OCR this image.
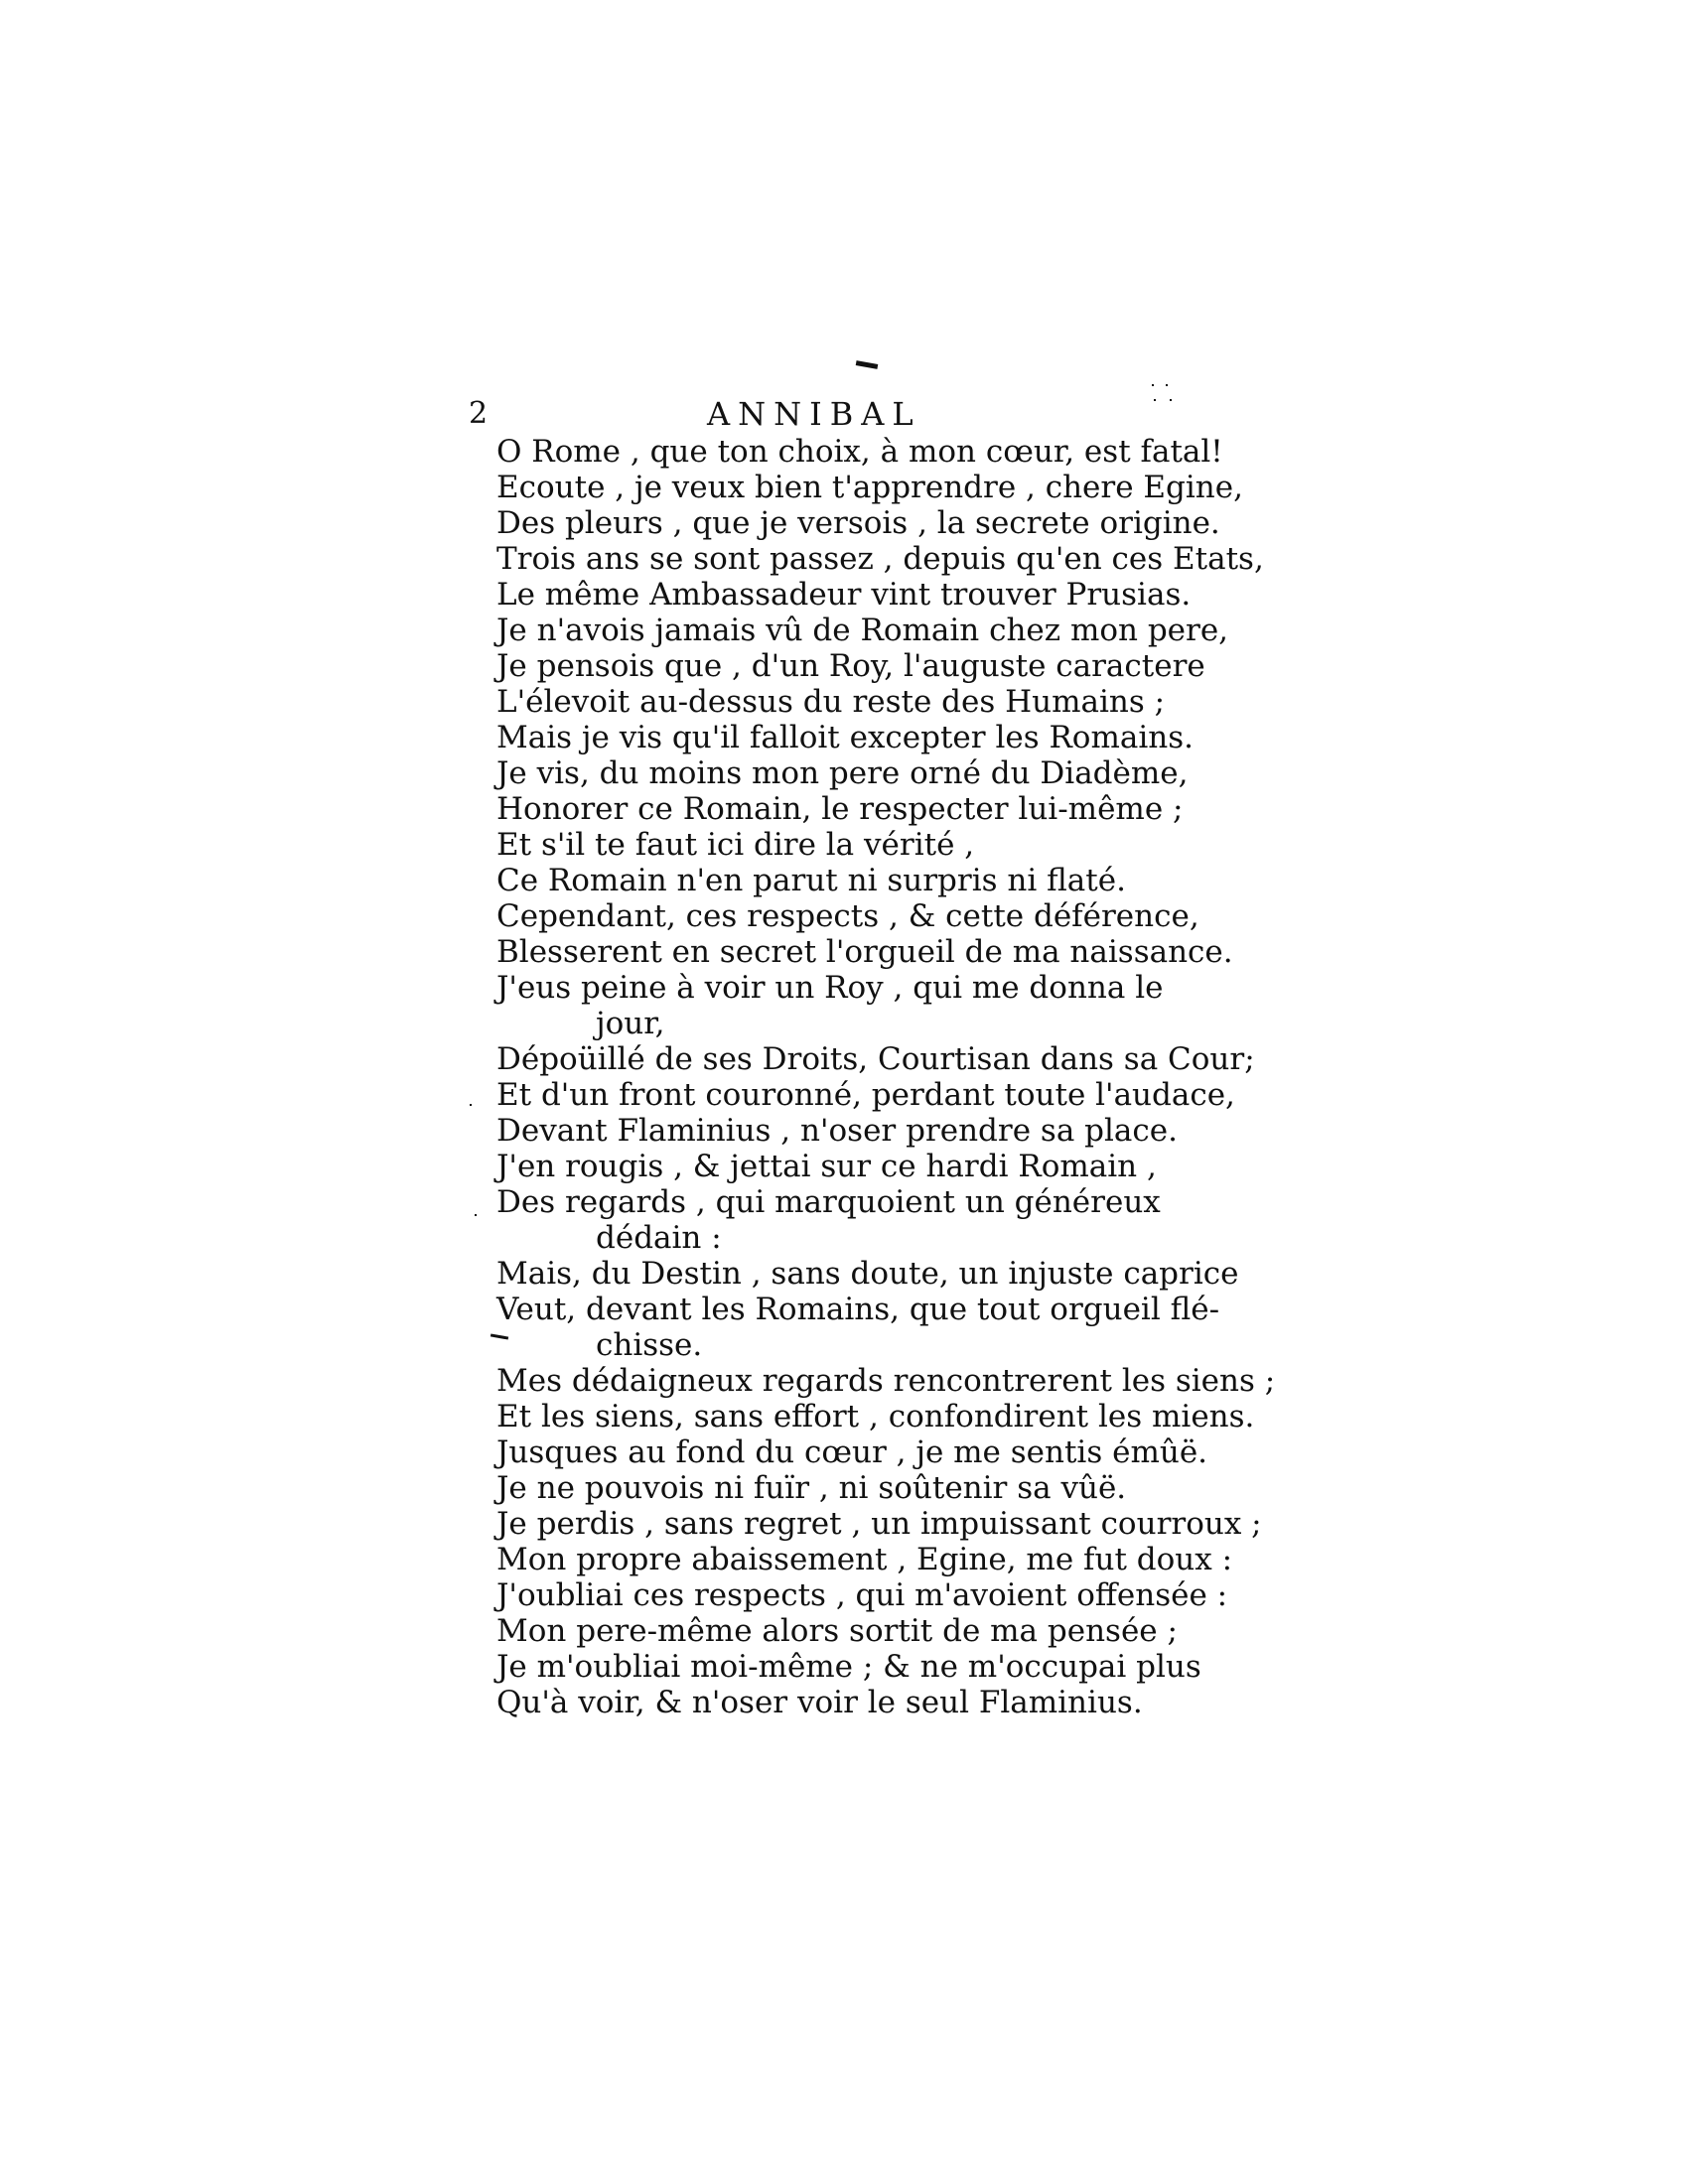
2	ANNIBAL
O Rome , que ton choix, à mon cœur, est fatal!
Ecoute , je veux bien t'apprendre , chere Egine,
Des pleurs , que je versois , la secrete origine.
Trois ans se sont passez , depuis qu'en ces Etats,
Le même Ambassadeur vint trouver Prusias.
Je n'avois jamais vû de Romain chez mon pere,
Je pensois que , d'un Roy, l'auguste caractere
L'élevoit au-dessus du reste des Humains ;
Mais je vis qu'il falloit excepter les Romains.
Je vis, du moins mon pere orné du Diadème,
Honorer ce Romain, le respecter lui-même ;
Et s'il te faut ici dire la vérité ,
Ce Romain n'en parut ni surpris ni flaté.
Cependant, ces respects , & cette déférence,
Blesserent en secret l'orgueil de ma naissance.
J'eus peine à voir un Roy , qui me donna le
jour,
Dépoüillé de ses Droits, Courtisan dans sa Cour;
Et d'un front couronné, perdant toute l'audace,
Devant Flaminius , n'oser prendre sa place.
J'en rougis , & jettai sur ce hardi Romain ,
Des regards , qui marquoient un généreux
dédain :
Mais, du Destin , sans doute, un injuste caprice
Veut, devant les Romains, que tout orgueil flé-
chisse.
Mes dédaigneux regards rencontrerent les siens ;
Et les siens, sans effort , confondirent les miens.
Jusques au fond du cœur , je me sentis émûë.
Je ne pouvois ni fuïr , ni soûtenir sa vûë.
Je perdis , sans regret , un impuissant courroux ;
Mon propre abaissement , Egine, me fut doux :
J'oubliai ces respects , qui m'avoient offensée :
Mon pere-même alors sortit de ma pensée ;
Je m'oubliai moi-même ; & ne m'occupai plus
Qu'à voir, & n'oser voir le seul Flaminius.
